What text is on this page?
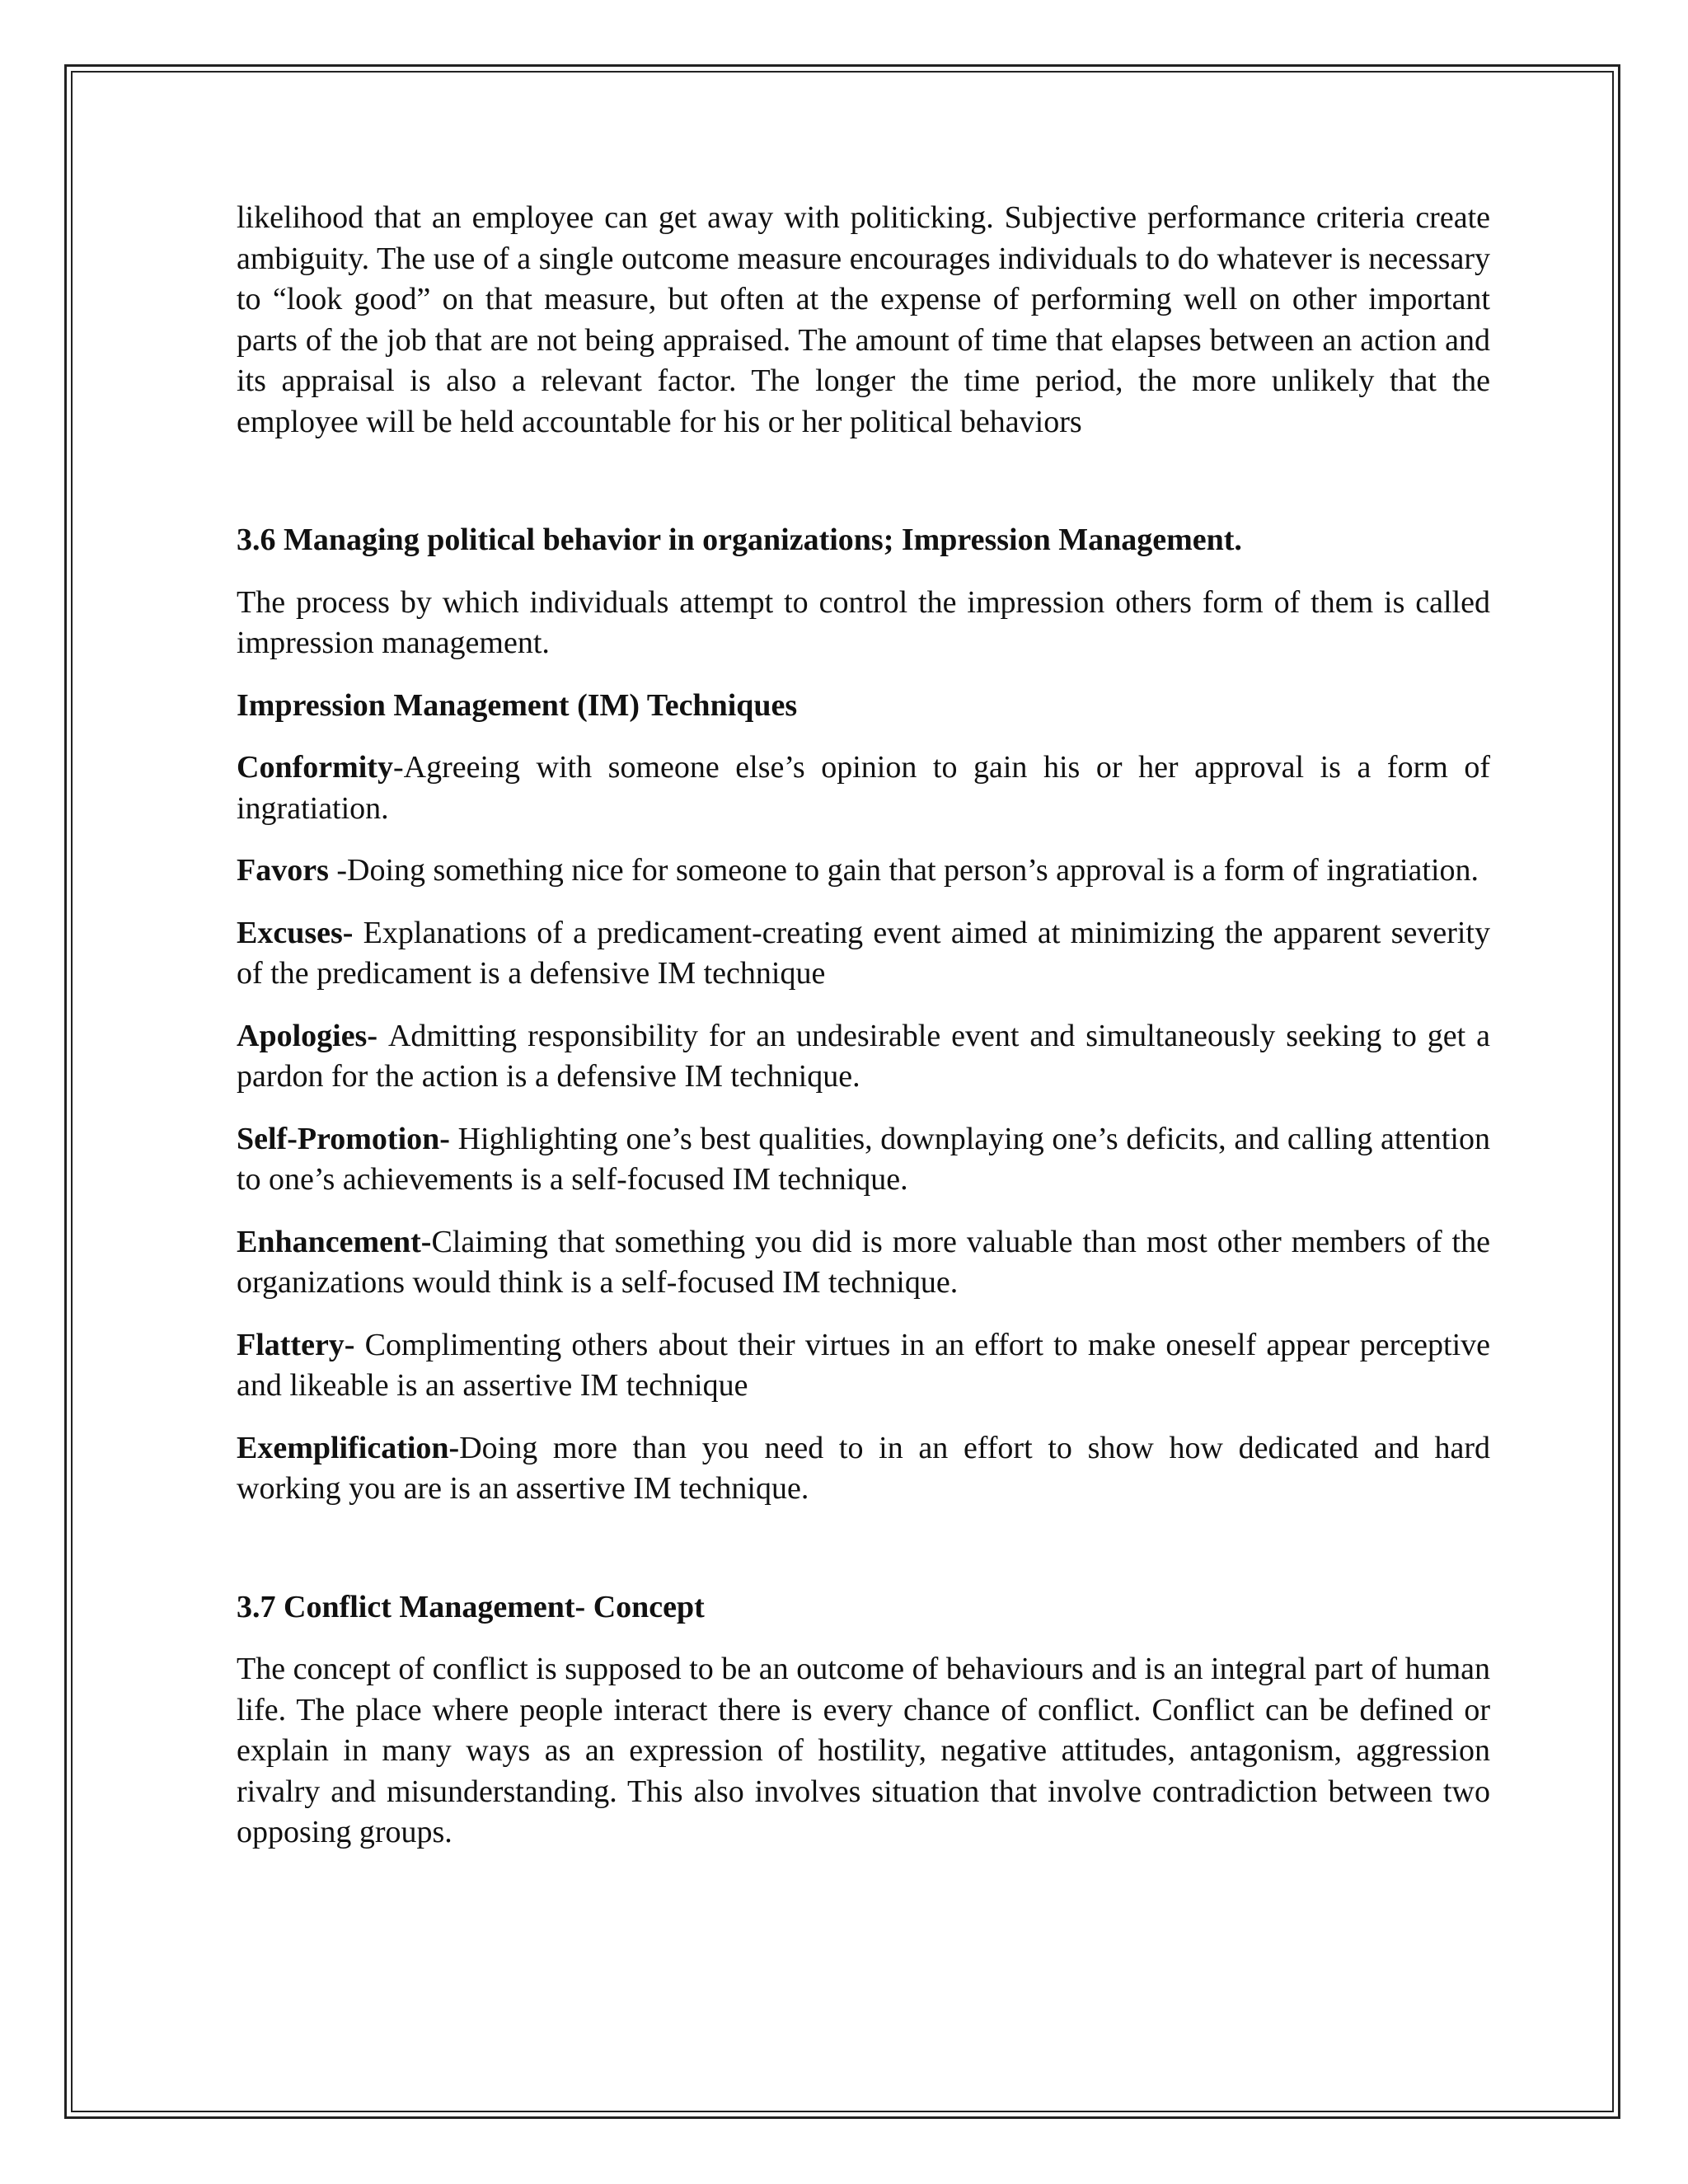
likelihood that an employee can get away with politicking. Subjective performance criteria create ambiguity. The use of a single outcome measure encourages individuals to do whatever is necessary to “look good” on that measure, but often at the expense of performing well on other important parts of the job that are not being appraised. The amount of time that elapses between an action and its appraisal is also a relevant factor. The longer the time period, the more unlikely that the employee will be held accountable for his or her political behaviors

3.6 Managing political behavior in organizations; Impression Management.

The process by which individuals attempt to control the impression others form of them is called impression management.

Impression Management (IM) Techniques

Conformity-Agreeing with someone else’s opinion to gain his or her approval is a form of ingratiation.

Favors -Doing something nice for someone to gain that person’s approval is a form of ingratiation.

Excuses- Explanations of a predicament-creating event aimed at minimizing the apparent severity of the predicament is a defensive IM technique

Apologies- Admitting responsibility for an undesirable event and simultaneously seeking to get a pardon for the action is a defensive IM technique.

Self-Promotion- Highlighting one’s best qualities, downplaying one’s deficits, and calling attention to one’s achievements is a self-focused IM technique.

Enhancement-Claiming that something you did is more valuable than most other members of the organizations would think is a self-focused IM technique.

Flattery- Complimenting others about their virtues in an effort to make oneself appear perceptive and likeable is an assertive IM technique

Exemplification-Doing more than you need to in an effort to show how dedicated and hard working you are is an assertive IM technique.

3.7 Conflict Management- Concept

The concept of conflict is supposed to be an outcome of behaviours and is an integral part of human life. The place where people interact there is every chance of conflict. Conflict can be defined or explain in many ways as an expression of hostility, negative attitudes, antagonism, aggression rivalry and misunderstanding. This also involves situation that involve contradiction between two opposing groups.
